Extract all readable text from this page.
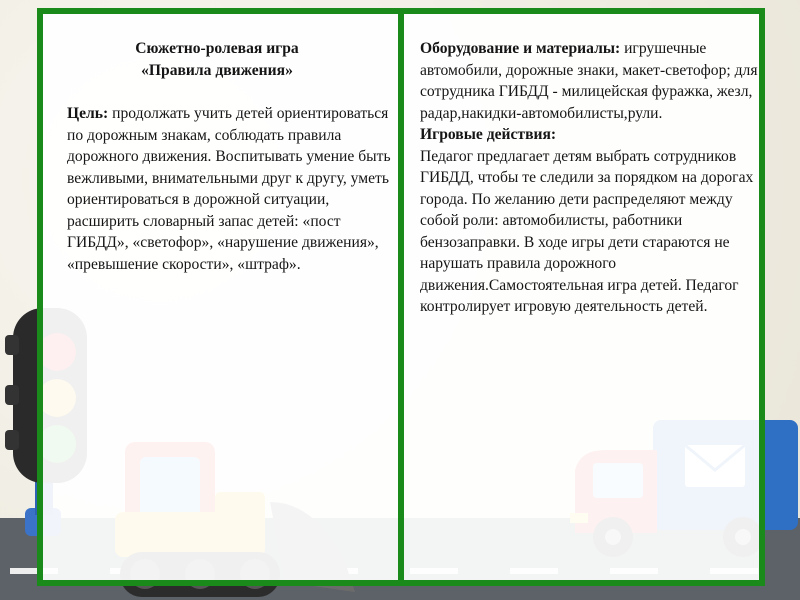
Сюжетно-ролевая игра

«Правила движения»

Цель: продолжать учить детей ориентироваться по дорожным знакам, соблюдать правила дорожного движения. Воспитывать умение быть вежливыми, внимательными друг к другу, уметь ориентироваться в дорожной ситуации, расширить словарный запас детей: «пост ГИБДД», «светофор», «нарушение движения», «превышение скорости», «штраф».

Оборудование и материалы: игрушечные автомобили, дорожные знаки, макет-светофор; для сотрудника ГИБДД - милицейская фуражка, жезл, радар,накидки-автомобилисты,рули.

Игровые действия:

Педагог предлагает детям выбрать сотрудников ГИБДД, чтобы те следили за порядком на дорогах города. По желанию дети распределяют между собой роли: автомобилисты, работники бензозаправки. В ходе игры дети стараются не нарушать правила дорожного движения.Самостоятельная игра детей. Педагог контролирует игровую деятельность детей.
